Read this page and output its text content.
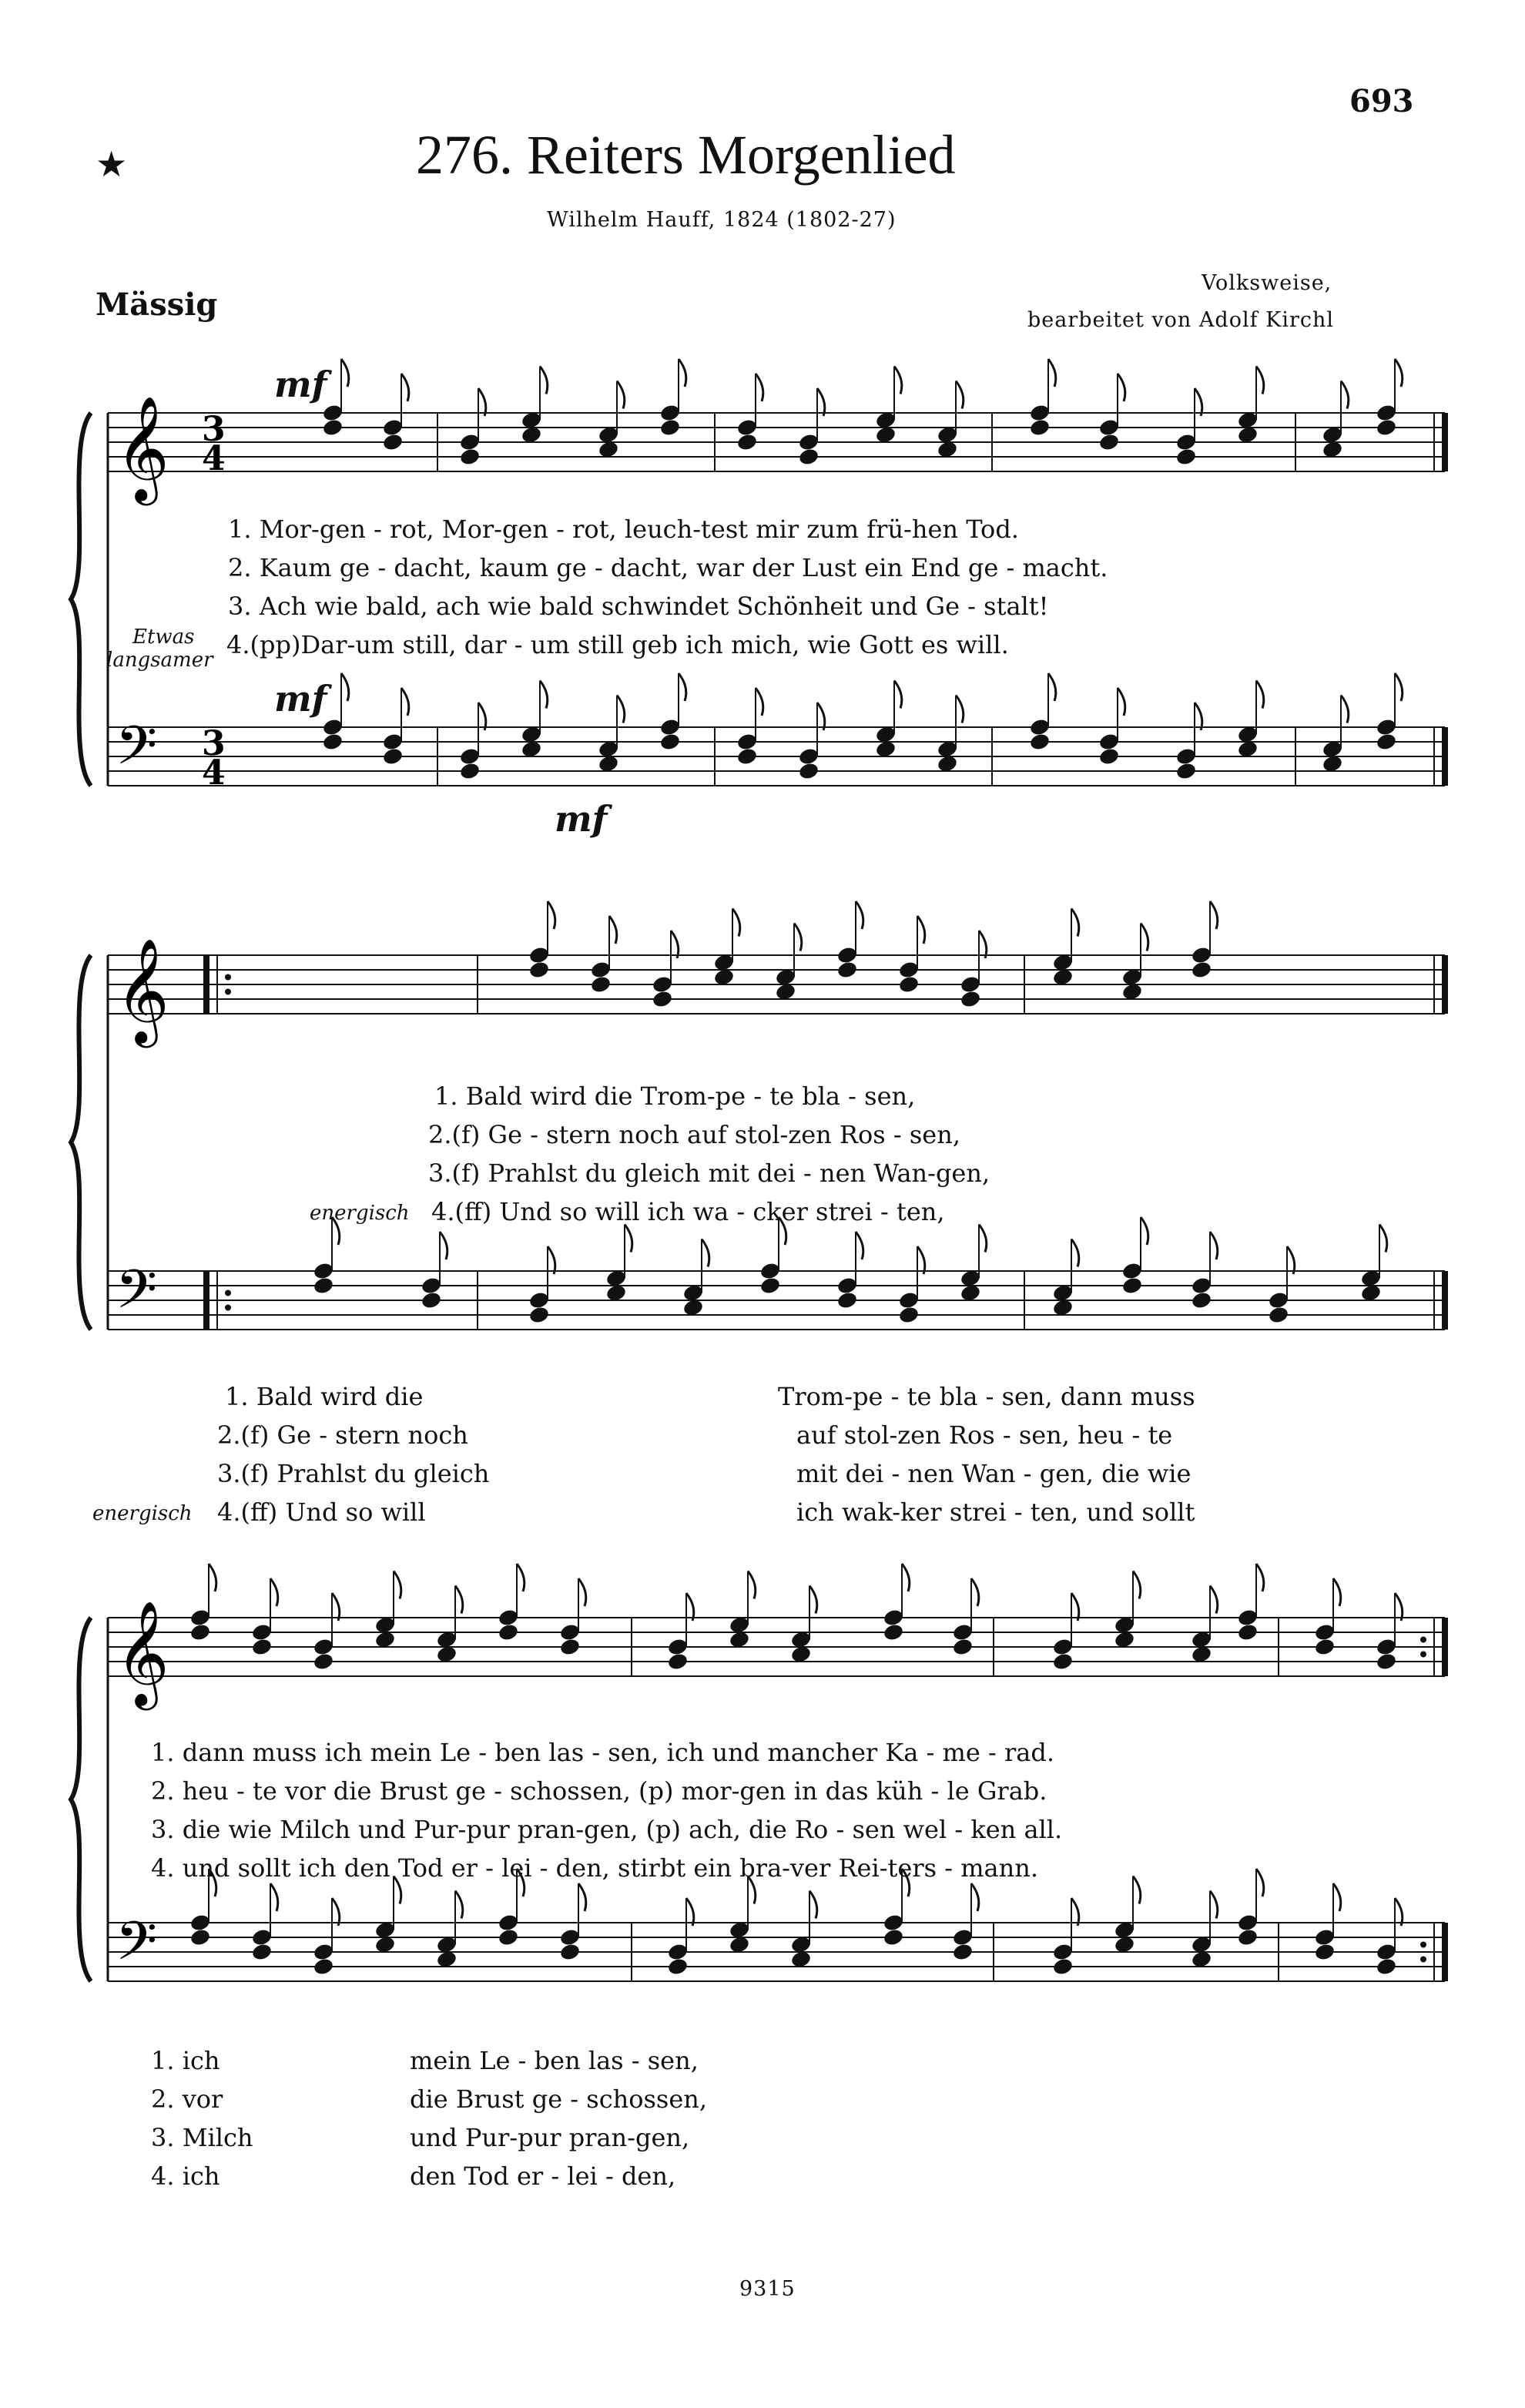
693
★	276. Reiters Morgenlied
Wilhelm Hauff, 1824 (1802-27)
Mässig
Volksweise,
bearbeitet von Adolf Kirchl
𝄞 3
4
𝄢 3
4
𝄞
𝄢
𝄞
𝄢
mf
mf
mf
Etwas
langsamer
1. Mor-gen - rot, Mor-gen - rot, leuch-test mir zum frü-hen Tod.
2. Kaum ge - dacht, kaum ge - dacht, war der Lust ein End ge - macht.
3. Ach wie bald, ach wie bald schwindet Schönheit und Ge - stalt!
4.(pp)Dar-um still, dar - um still geb ich mich, wie Gott es will.
1. Bald wird die Trom-pe - te bla - sen,
2.(f) Ge - stern noch auf stol-zen Ros - sen,
3.(f) Prahlst du gleich mit dei - nen Wan-gen,
energisch 4.(ff) Und so will ich wa - cker strei - ten,
1. Bald wird die
2.(f) Ge - stern noch
3.(f) Prahlst du gleich
energisch 4.(ff) Und so will
Trom-pe - te bla - sen, dann muss
auf stol-zen Ros - sen, heu - te
mit dei - nen Wan - gen, die wie
ich wak-ker strei - ten, und sollt
1. dann muss ich mein Le - ben las - sen, ich und mancher Ka - me - rad.
2. heu - te vor die Brust ge - schossen, (p) mor-gen in das küh - le Grab.
3. die wie Milch und Pur-pur pran-gen, (p) ach, die Ro - sen wel - ken all.
4. und sollt ich den Tod er - lei - den, stirbt ein bra-ver Rei-ters - mann.
1. ich
2. vor
3. Milch
4. ich
mein Le - ben las - sen,
die Brust ge - schossen,
und Pur-pur pran-gen,
den Tod er - lei - den,
9315
